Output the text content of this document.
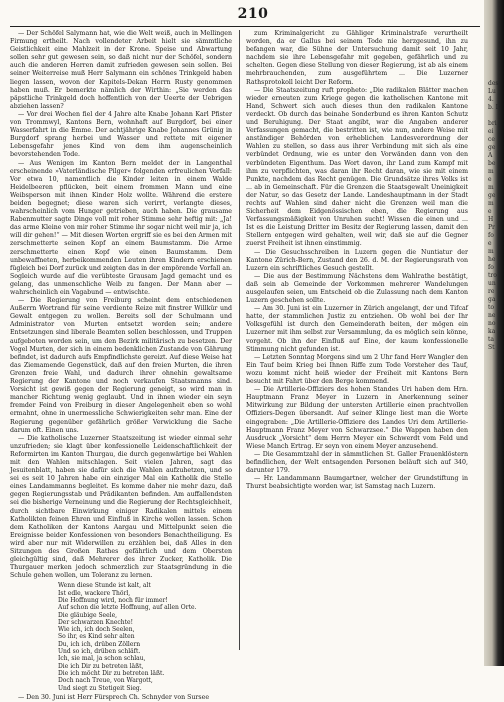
210

— Der Schöfel Salymann hat, wie die Welt weiß, auch in Mellingen Firmung ertheilt. Nach vollendeter Arbeit hielt sie sämmtliche Geistlichkeit eine Mahlzeit in der Krone. Speise und Abwartung sollen sehr gut gewesen sein, so daß nicht nur der Schöfel, sondern auch die anderen Herren damit zufrieden gewesen sein sollen. Bei seiner Weiterreise muß Herr Salymann ein schönes Trinkgeld haben liegen lassen, wovon der Kapitels-Dekan Herrn Rusty genommen haben muß. Er bemerkte nämlich der Wirthin: „Sie werden das päpstliche Trinkgeld doch hoffentlich von der Ueerte der Uebrigen abziehen lassen?

— Vor drei Wochen fiel der 4 Jahre alte Knabe Johann Karl Pfister von Trommwyl, Kantons Bern, wohnhaft auf Burgdorf, bei einer Wasserfahrt in die Emme. Der achtjährige Knabe Johannes Grünig in Burgdorf sprang herbei und Wasser und rettete mit eigener Lebensgefahr jenes Kind von dem ihm augenscheinlich bevorstehenden Tode.

— Aus Wenigen im Kanton Bern meldet der in Langenthal erscheinende »Vaterländische Pilger« folgenden erfreulichen Vorfall: Vor etwa 10, namentlich die Kinder leiten in einem Walde Heidelbeeren pflücken, beit einem frommen Mann und eine Weibsperson mit ihnen Kinder Holz wollte. Während die erstere beiden begegnet; diese waren sich verirrt, verlangte dieses, wahrscheinlich vom Hunger getrieben, auch haben. Die grausame Rabenmutter sagte Dinge voll mit roher Stimme sehr heftig mit: „Ja! das arme Kleine von mir roher Stimme ihr sogar nicht weil mir ja, ich will dir gehen!“ — Mit diesen Worten ergriff sie es bei den Armen mit zerschmetterte seinen Kopf an einem Baumstamm. Die Arme zerschmetterte einen Kopf wie einen Baumstamm. Dem unbewaffneten, herbeikommenden Leuten ihren Kindern erschienen fügleich bei Dorf zurück und zeigten das in der empörende Vorfall an. Sogleich wurde auf die verübteste Grausam Jagd gemacht und es gelang, das unmenschliche Weib zu fangen. Der Mann aber — wahrscheinlich ein Vagabund — entwischte.

— Die Regierung von Freiburg scheint dem entschiedenen Außerrn Wortrand für seine verdiente Reize mit finstrer Willkür und Gewalt entgegen zu wollen. Bereits soll der Schulmann und Administrator von Murten entsetzt worden sein; andere Entsetzungen sind liberale Beamten sollen beschlossen, und Truppen aufgeboten worden sein, um den Bezirk militärisch zu besetzen. Der Vogel Murten, der sich in einem bedenklichen Zustande von Gährung befindet, ist dadurch aufs Empfindlichste gereizt. Auf diese Weise hat das Ziemamende Gegenstück, daß auf den freien Murten, die ihren Grenzen freie Wahl, und dadurch ihrer ohnehin gewaltsame Regierung der Kantone und noch verkaufen Staatsmanns sind. Vorsicht ist gewiß gegen der Regierung geneigt, so wird man in mancher Richtung wenig geglaubt. Und in ihnen wieder ein seyn fremder Feind von Freiburg in dieser Angelegenheit eben so wohl ermahnt, ohne in unermessliche Schwierigkeiten sehr man. Eine der Regierung gegenüber gefährlich größer Verwicklung die Sache darum oft. Einen uns.

— Die katholische Luzerner Staatszeitung ist wieder einmal sehr unzufrieden; sie klagt über konfessionelle Leidenschaftlichkeit der Reformirten im Kanton Thurgau, die durch gegenwärtige bei Wahlen mit den Wahlen mitschlagen. Seit vielen Jahren, sagt das Jesuitenblatt, haben sie dafür sich die Wahlen aufzuhetzen, und so sei es seit 10 Jahren habe ein einziger Mal ein Katholik die Stelle eines Landammanns begleitet. Es komme daher nie mehr dazu, daß gegen Regierungsstab und Prädikanten befinden. Am auffallendsten sei die bisherige Verneinung und die Regierung der Rechtsgleichheit, durch sichtbare Einwirkung einiger Radikalen mittels einem Katholikten feinen Ehren und Einfluß in Kirche wollen lassen. Schon dem Katholiken der Kantons Aargau und Mittelpunkt seien die Ereignisse beider Konfessionen von besonders Benachtheiligung. Es wird aber nur mit Widerwillen zu erzählen bei, daß Alles in den Sitzungen des Großen Rathes gefährlich und dem Obersten gleichgültig sind, daß Mehrerer des ihrer Zucker, Katholik. Die Thurgauer merken jedoch schmerzlich zur Staatsgründung in die Schule gehen wollen, um Toleranz zu lernen.

Wenn diese Stunde ist kalt, alt
Ist edle, wackere Thörl,
Die Hoffnung wird, noch für immer!
Auf schon die letzte Hoffnung, auf allen Orte.
Die gläubige Seele,
Der schwarzen Knechte!
Wie ich, ich doch Seelen,
So ihr, es Kind sehr alten
Du, ich ich, drüben Zöllern
Und so ich, drüben schläft.
Ich, sie mal, ja schon schlau,
Die ich Dir zu betreten läßt,
Die ich möcht Dir zu betreten läßt.
Doch nach Treue, von Wargott,
Und siegt zu Stetigeit Sieg.

— Den 30. Juni ist Herr Fürsprech Ch. Schnyder von Sursee

zum Kriminalgericht zu Gähliger Kriminalstrafe verurtheilt worden, da er Gallus bei seinem Tode nie herzgesund, ihn zu befangen war, die Sühne der Untersuchung damit seit 10 Jahr, nachdem sie ihre Lebensgefahr mit gegeben, gefährlich und zu schelten. Gegen diese Stellung von dieser Regierung, ist ab als einem mehrbrauchenden, zum ausgeführtem ... Die Luzerner Rathsprotokoll leicht Der Reform.

— Die Staatszeitung ruft propheto: „Die radikalen Blätter machen wieder erneuten zum Kriege gegen die katholischen Kantone mit Hand, Schwert sich auch dieses thun den radikalen Kantone verdeckt. Ob durch das beinahe Sonderbund es ihren Kanton Schutz und Beruhigung. Der Staat angibt, war die Angaben anderer Verfassungen gemacht, die bestritten ist, wie nun, andere Weise mit anständiger Behörden von erheblichen Landesverordnung der Wahlen zu stellen, so dass aus ihrer Verbindung mit sich als eine verbündet Ordnung, wie es unter den Vorwänden dann von den verbündeten Eigenthum. Das Wort davon, ihr Land zum Kampf mit ihm zu verpflichten, was daran ihr Recht daran, wie sie mit einem Punkte, nachdem das Recht genügen. Die Grundsätze ihres Volks ist ... ab in Gemeinschaft. Für die Grenzen die Staatsgewalt Uneinigkeit der Natur, so das Gesetz der Lande. Landeshauptmann in der Stadt rechts auf Wahlen sind daher nicht die Grenzen weil man die Sicherheit dem Eidgenössischen eben, die Regierung aus Verfassungsmäßigkeit von Unruhen sucht! Wissen die einen und ... Ist es die Leistung Dritter im Besitz der Regierung lassen, damit den Stellern entgegen wird gehalten, weil wir, daß sie auf die Gegner zuerst Freiheit ist ihnen einstimmig.

— Die Gesuchsschreiben in Luzern gegen die Nuntiatur der Kantone Zürich-Bern, Zustand den 26. d. M. der Regierungsrath von Luzern ein schriftliches Gesuch gestellt.

— Die aus der Bestimmung Nächstens dem Wahlrathe bestätigt, daß sein ab Gemeinde der Vorkommen mehrerer Wandelungen ausgelaufen seien, um Entscheid ob die Zulassung nach dem Kanton Luzern geschehen sollte.

— Am 30. Juni ist ein Luzerner in Zürich angelangt, der und Tifcaf hatte, der stammlichen Justiz zu entziehen. Ob wohl bei der Ihr Volksgefühl ist durch den Gemeinderath beiten, der mögen ein Luzerner mit ihm selbst zur Versammlung, da es möglich sein könne, vorgeht. Ob ihn der Einfluß auf Eine, der kaum konfessionelle Stimmung nicht gefunden ist.

— Letzten Sonntag Morgens sind um 2 Uhr fand Herr Wangler den Ein Tauf beim Krieg bei Ihnen Riffe zum Tode Vorsteher des Tauf, wozu kommt nicht heiß wieder der Freiheit mit Kantons Bern besucht mit Fahrt über den Berge kommend.

— Die Artillerie-Offiziers des hohen Standes Uri haben dem Hrn. Hauptmann Franz Meyer in Luzern in Anerkennung seiner Mitwirkung zur Bildung der untersten Artillerie einen prachtvollen Offiziers-Degen übersandt. Auf seiner Klinge liest man die Worte eingegraben: „Die Artillerie-Offiziere des Landes Uri dem Artillerie-Hauptmann Franz Meyer von Schwarzsee.“ Die Wappen haben den Ausdruck „Vorsicht“ dem Herrn Meyer ein Schwerdt vom Feld und Wiese Manch Ertrag. Er seyn von einem Meyer anzusehend.

— Die Gesammtzahl der in sämmtlichen St. Galler Frauenklöstern befindlichen, der Welt entsagenden Personen beläuft sich auf 340, darunter 179.

— Hr. Landammann Baumgartner, welcher der Grundstiftung in Thurst beabsichtigte worden war, ist Samstag nach Luzern.

des
Lu
4.
b. I

bri
ei
ce
ge
A
be
m
e
m
ge
m
e
H
Pr
fo
e
m
he
fo
tro
un
re
ga
to
ne
no
ka
ta
St
